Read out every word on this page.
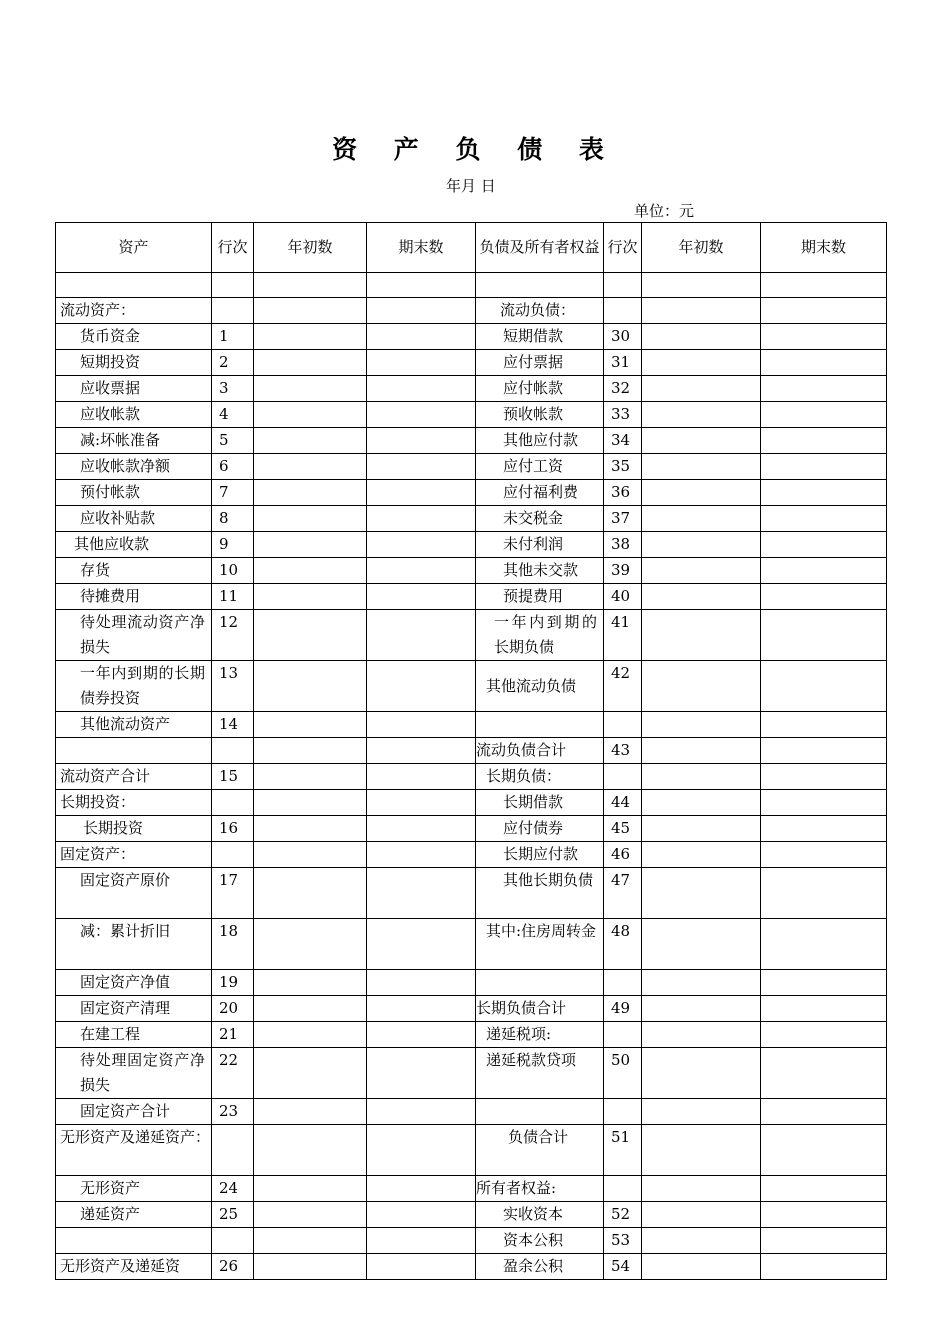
资 产 负 债 表
年月 日
单位：元
资产	行次	年初数	期末数	负债及所有者权益	行次	年初数	期末数

流动资产：				流动负债：			
货币资金	1			短期借款	30		
短期投资	2			应付票据	31		
应收票据	3			应付帐款	32		
应收帐款	4			预收帐款	33		
减:坏帐准备	5			其他应付款	34		
应收帐款净额	6			应付工资	35		
预付帐款	7			应付福利费	36		
应收补贴款	8			未交税金	37		
其他应收款	9			未付利润	38		
存货	10			其他未交款	39		
待摊费用	11			预提费用	40		
待处理流动资产净损失	12			一年内到期的长期负债	41		
一年内到期的长期债券投资	13			其他流动负债	42		
其他流动资产	14						
				流动负债合计	43		
流动资产合计	15			长期负债：			
长期投资：				长期借款	44		
长期投资	16			应付债券	45		
固定资产：				长期应付款	46		
固定资产原价	17			其他长期负债	47		
减：累计折旧	18			其中:住房周转金	48		
固定资产净值	19						
固定资产清理	20			长期负债合计	49		
在建工程	21			递延税项:			
待处理固定资产净损失	22			递延税款贷项	50		
固定资产合计	23						
无形资产及递延资产：				负债合计	51		
无形资产	24			所有者权益:			
递延资产	25			实收资本	52		
				资本公积	53		
无形资产及递延资	26			盈余公积	54		
